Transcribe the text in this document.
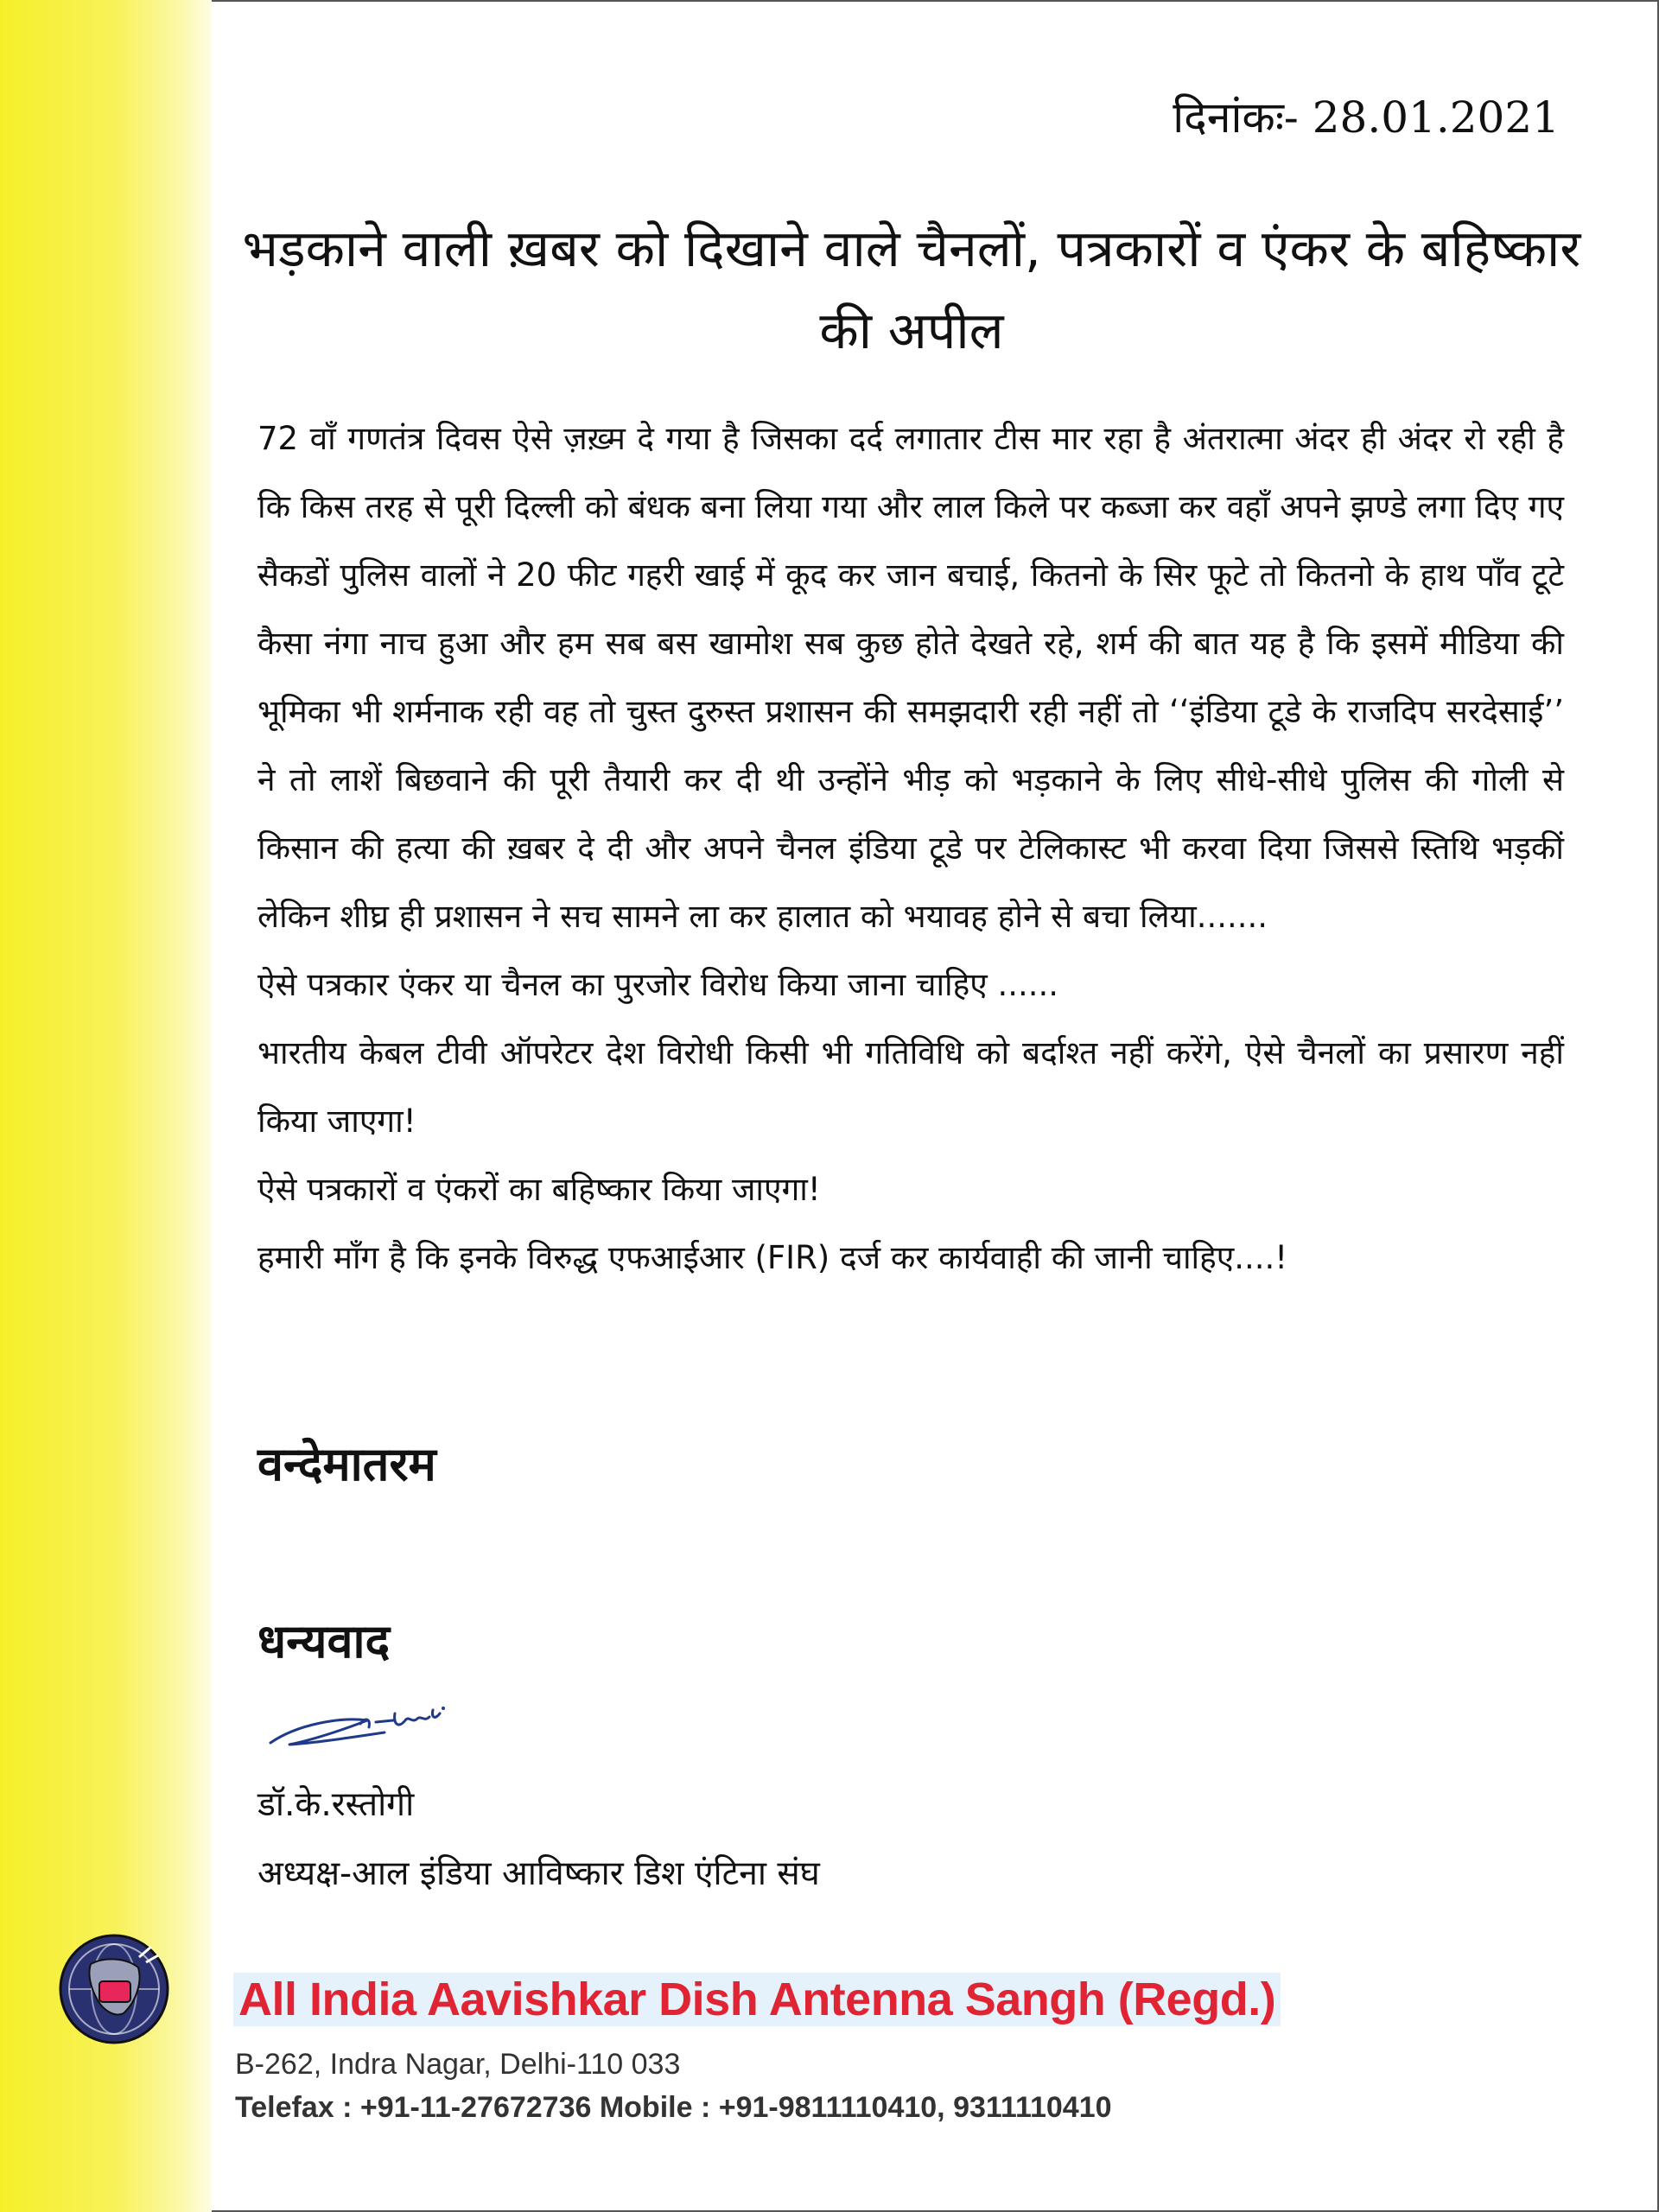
दिनांकः- 28.01.2021
भड़काने वाली ख़बर को दिखाने वाले चैनलों, पत्रकारों व एंकर के बहिष्कार की अपील

72 वाँ गणतंत्र दिवस ऐसे ज़ख़्म दे गया है जिसका दर्द लगातार टीस मार रहा है अंतरात्मा अंदर ही अंदर रो रही है कि किस तरह से पूरी दिल्ली को बंधक बना लिया गया और लाल किले पर कब्जा कर वहाँ अपने झण्डे लगा दिए गए सैकडों पुलिस वालों ने 20 फीट गहरी खाई में कूद कर जान बचाई, कितनो के सिर फूटे तो कितनो के हाथ पाँव टूटे कैसा नंगा नाच हुआ और हम सब बस खामोश सब कुछ होते देखते रहे, शर्म की बात यह है कि इसमें मीडिया की भूमिका भी शर्मनाक रही वह तो चुस्त दुरुस्त प्रशासन की समझदारी रही नहीं तो ‘‘इंडिया टूडे के राजदिप सरदेसाई’’ ने तो लाशें बिछवाने की पूरी तैयारी कर दी थी उन्होंने भीड़ को भड़काने के लिए सीधे-सीधे पुलिस की गोली से किसान की हत्या की ख़बर दे दी और अपने चैनल इंडिया टूडे पर टेलिकास्ट भी करवा दिया जिससे स्तिथि भड़कीं लेकिन शीघ्र ही प्रशासन ने सच सामने ला कर हालात को भयावह होने से बचा लिया.......

ऐसे पत्रकार एंकर या चैनल का पुरजोर विरोध किया जाना चाहिए ......

भारतीय केबल टीवी ऑपरेटर देश विरोधी किसी भी गतिविधि को बर्दाश्त नहीं करेंगे, ऐसे चैनलों का प्रसारण नहीं किया जाएगा!

ऐसे पत्रकारों व एंकरों का बहिष्कार किया जाएगा!

हमारी माँग है कि इनके विरुद्ध एफआईआर (FIR) दर्ज कर कार्यवाही की जानी चाहिए....!

वन्देमातरम
धन्यवाद
डॉ.के.रस्तोगी
अध्यक्ष-आल इंडिया आविष्कार डिश एंटिना संघ
All India Aavishkar Dish Antenna Sangh (Regd.)
B-262, Indra Nagar, Delhi-110 033
Telefax : +91-11-27672736 Mobile : +91-9811110410, 9311110410
